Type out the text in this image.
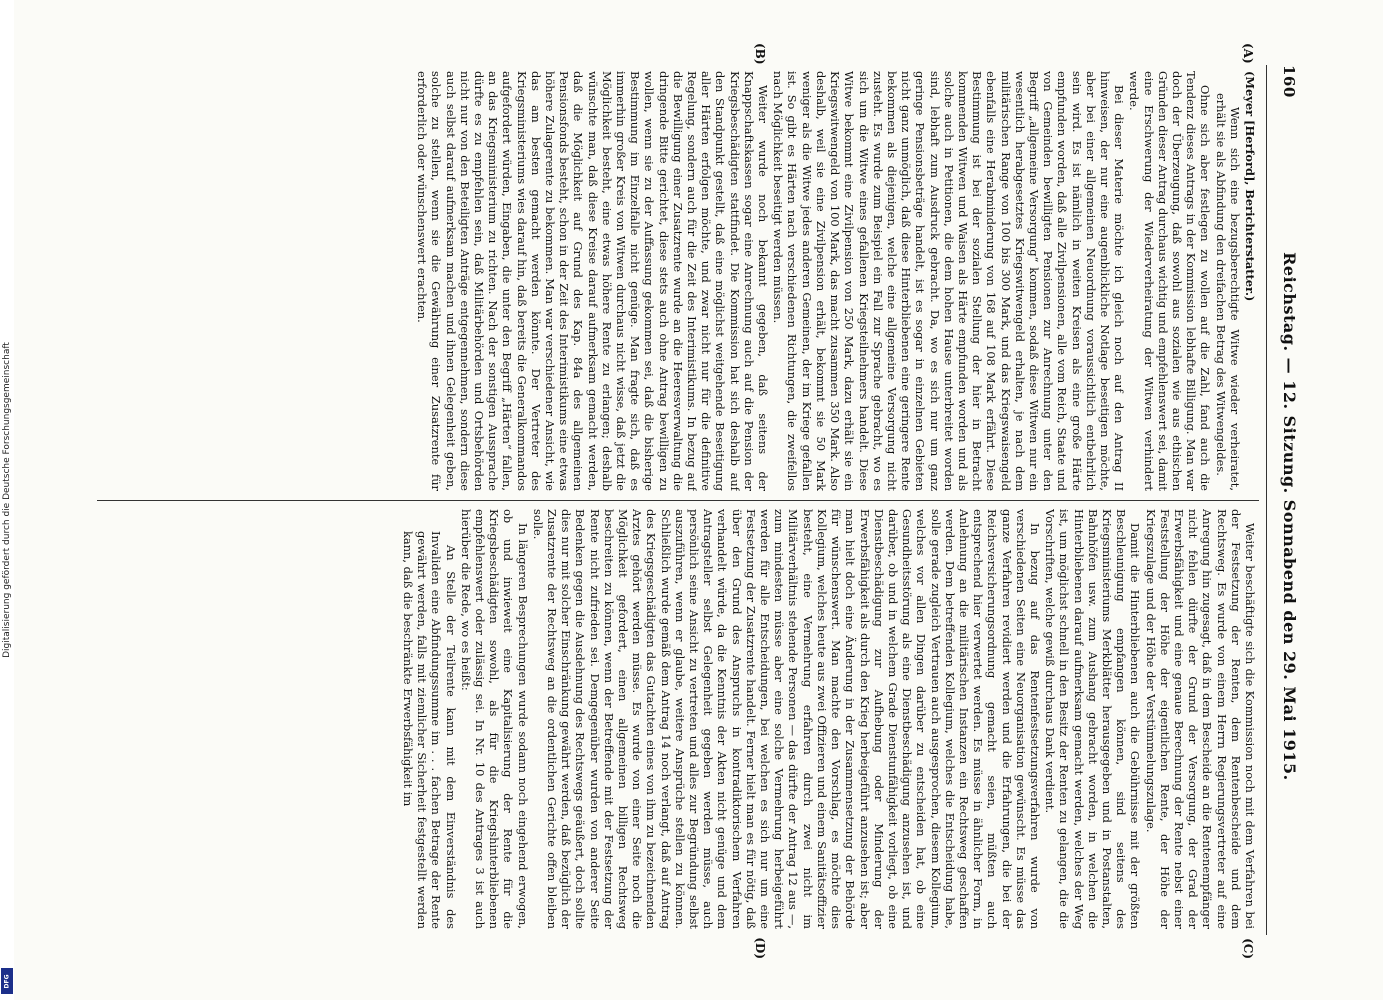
Digitalisierung gefördert durch die Deutsche Forschungsgemeinschaft
DFG
160
Reichstag. — 12. Sitzung. Sonnabend den 29. Mai 1915.
(A)
(B)
(C)
(D)

(Meyer [Herford], Berichterstatter.)

Wenn sich eine bezugsberechtigte Witwe wieder verheiratet, erhält sie als Abfindung den dreifachen Betrag des Witwengeldes.

Ohne sich aber festlegen zu wollen auf die Zahl, fand auch die Tendenz dieses Antrags in der Kommission lebhafte Billigung. Man war doch der Überzeugung, daß sowohl aus sozialen wie aus ethischen Gründen dieser Antrag durchaus wichtig und empfehlenswert sei, damit eine Erschwerung der Wiederverheiratung der Witwen verhindert werde.

Bei dieser Materie möchte ich gleich noch auf den Antrag II hinweisen, der nur eine augenblickliche Notlage beseitigen möchte, aber bei einer allgemeinen Neuordnung voraussichtlich entbehrlich sein wird. Es ist nämlich in weiten Kreisen als eine große Härte empfunden worden, daß alle Zivilpensionen, alle vom Reich, Staate und von Gemeinden bewilligten Pensionen zur Anrechnung unter den Begriff „allgemeine Versorgung“ kommen, sodaß diese Witwen nur ein wesentlich herabgesetztes Kriegswitwengeld erhalten, je nach dem militärischen Range von 100 bis 300 Mark, und das Kriegswaisengeld ebenfalls eine Herabminderung von 168 auf 108 Mark erfährt. Diese Bestimmung ist bei der sozialen Stellung der hier in Betracht kommenden Witwen und Waisen als Härte empfunden worden und als solche auch in Petitionen, die dem hohen Hause unterbreitet worden sind, lebhaft zum Ausdruck gebracht. Da, wo es sich nur um ganz geringe Pensionsbeträge handelt, ist es sogar in einzelnen Gebieten nicht ganz unmöglich, daß diese Hinterbliebenen eine geringere Rente bekommen als diejenigen, welche eine allgemeine Versorgung nicht zusteht. Es wurde zum Beispiel ein Fall zur Sprache gebracht, wo es sich um die Witwe eines gefallenen Kriegsteilnehmers handelt. Diese Witwe bekommt eine Zivilpension von 250 Mark, dazu erhält sie ein Kriegswitwengeld von 100 Mark, das macht zusammen 350 Mark. Also deshalb, weil sie eine Zivilpension erhält, bekommt sie 50 Mark weniger als die Witwe jedes anderen Gemeinen, der im Kriege gefallen ist. So gibt es Härten nach verschiedenen Richtungen, die zweifellos nach Möglichkeit beseitigt werden müssen.

Weiter wurde noch bekannt gegeben, daß seitens der Knappschaftskassen sogar eine Anrechnung auch auf die Pension der Kriegsbeschädigten stattfindet. Die Kommission hat sich deshalb auf den Standpunkt gestellt, daß eine möglichst weitgehende Beseitigung aller Härten erfolgen möchte, und zwar nicht nur für die definitive Regelung, sondern auch für die Zeit des Interimistikums. In bezug auf die Bewilligung einer Zusatzrente wurde an die Heeresverwaltung die dringende Bitte gerichtet, diese stets auch ohne Antrag bewilligen zu wollen, wenn sie zu der Auffassung gekommen sei, daß die bisherige Bestimmung im Einzelfalle nicht genüge. Man fragte sich, daß es immerhin großer Kreis von Witwen durchaus nicht wisse, daß jetzt die Möglichkeit besteht, eine etwas höhere Rente zu erlangen; deshalb wünschte man, daß diese Kreise darauf aufmerksam gemacht werden, daß die Möglichkeit auf Grund des Kap. 84a des allgemeinen Pensionsfonds besteht, schon in der Zeit des Interimistikums eine etwas höhere Zulagerente zu bekommen. Man war verschiedener Ansicht, wie das am besten gemacht werden könnte. Der Vertreter des Kriegsministeriums wies darauf hin, daß bereits die Generalkommandos aufgefordert würden, Eingaben, die unter den Begriff „Härten“ fallen, an das Kriegsministerium zu richten. Nach der sonstigen Aussprache dürfte es zu empfehlen sein, daß Militärbehörden und Ortsbehörden nicht nur von den Beteiligten Anträge entgegennehmen, sondern diese auch selbst darauf aufmerksam machen und ihnen Gelegenheit geben, solche zu stellen, wenn sie die Gewährung einer Zusatzrente für erforderlich oder wünschenswert erachten.

Weiter beschäftigte sich die Kommission noch mit dem Verfahren bei der Festsetzung der Renten, dem Rentenbescheide und dem Rechtsweg. Es wurde von einem Herrn Regierungsvertreter auf eine Anregung hin zugesagt, daß in dem Bescheide an die Rentenempfänger nicht fehlen dürfte der Grund der Versorgung, der Grad der Erwerbsfähigkeit und eine genaue Berechnung der Rente nebst einer Feststellung der Höhe der eigentlichen Rente, der Höhe der Kriegszulage und der Höhe der Verstümmelungszulage.

Damit die Hinterbliebenen auch die Gebührnisse mit der größten Beschleunigung empfangen können, sind seitens des Kriegsministeriums Merkblätter herausgegeben und in Postanstalten, Bahnhöfen usw. zum Aushang gebracht worden, in welchen die Hinterbliebenen darauf aufmerksam gemacht werden, welches der Weg ist, um möglichst schnell in den Besitz der Renten zu gelangen, die die Vorschriften, welche gewiß durchaus Dank verdient.

In bezug auf das Rentenfestsetzungsverfahren wurde von verschiedenen Seiten eine Neuorganisation gewünscht. Es müsse das ganze Verfahren revidiert werden und die Erfahrungen, die bei der Reichsversicherungsordnung gemacht seien, müßten auch entsprechend hier verwertet werden. Es müsse in ähnlicher Form, in Anlehnung an die militärischen Instanzen ein Rechtsweg geschaffen werden. Dem betreffenden Kollegium, welches die Entscheidung habe, solle gerade zugleich Vertrauen auch ausgesprochen, diesem Kollegium, welches vor allen Dingen darüber zu entscheiden hat, ob eine Gesundheitsstörung als eine Dienstbeschädigung anzusehen ist, und darüber, ob und in welchem Grade Dienstunfähigkeit vorliegt, ob eine Dienstbeschädigung zur Aufhebung oder Minderung der Erwerbsfähigkeit als durch den Krieg herbeigeführt anzusehen ist; aber man hielt doch eine Änderung in der Zusammensetzung der Behörde für wünschenswert. Man machte den Vorschlag, es möchte dies Kollegium, welches heute aus zwei Offizieren und einem Sanitätsoffizier besteht, eine Vermehrung erfahren durch zwei nicht im Militärverhältnis stehende Personen — das dürfte der Antrag 12 aus —, zum mindesten müsse aber eine solche Vermehrung herbeigeführt werden für alle Entscheidungen, bei welchen es sich nur um eine Festsetzung der Zusatzrente handelt. Ferner hielt man es für nötig, daß über den Grund des Anspruchs in kontradiktorischem Verfahren verhandelt würde, da die Kenntnis der Akten nicht genüge und dem Antragsteller selbst Gelegenheit gegeben werden müsse, auch persönlich seine Ansicht zu vertreten und alles zur Begründung selbst auszuführen, wenn er glaube, weitere Ansprüche stellen zu können. Schließlich wurde gemäß dem Antrag 14 noch verlangt, daß auf Antrag des Kriegsgeschädigten das Gutachten eines von ihm zu bezeichnenden Arztes gehört werden müsse. Es wurde von einer Seite noch die Möglichkeit gefordert, einen allgemeinen billigen Rechtsweg beschreiten zu können, wenn der Betreffende mit der Festsetzung der Rente nicht zufrieden sei. Demgegenüber wurden von anderer Seite Bedenken gegen die Ausdehnung des Rechtswegs geäußert, doch sollte dies nur mit solcher Einschränkung gewährt werden, daß bezüglich der Zusatzrente der Rechtsweg an die ordentlichen Gerichte offen bleiben solle.

In längeren Besprechungen wurde sodann noch eingehend erwogen, ob und inwieweit eine Kapitalisierung der Rente für die Kriegsbeschädigten sowohl, als für die Kriegshinterbliebenen empfehlenswert oder zulässig sei. In Nr. 10 des Antrages 3 ist auch hierüber die Rede, wo es heißt:

An Stelle der Teilrente kann mit dem Einverständnis des Invaliden eine Abfindungssumme im . . . fachen Betrage der Rente gewährt werden, falls mit ziemlicher Sicherheit festgestellt werden kann, daß die beschränkte Erwerbsfähigkeit im
